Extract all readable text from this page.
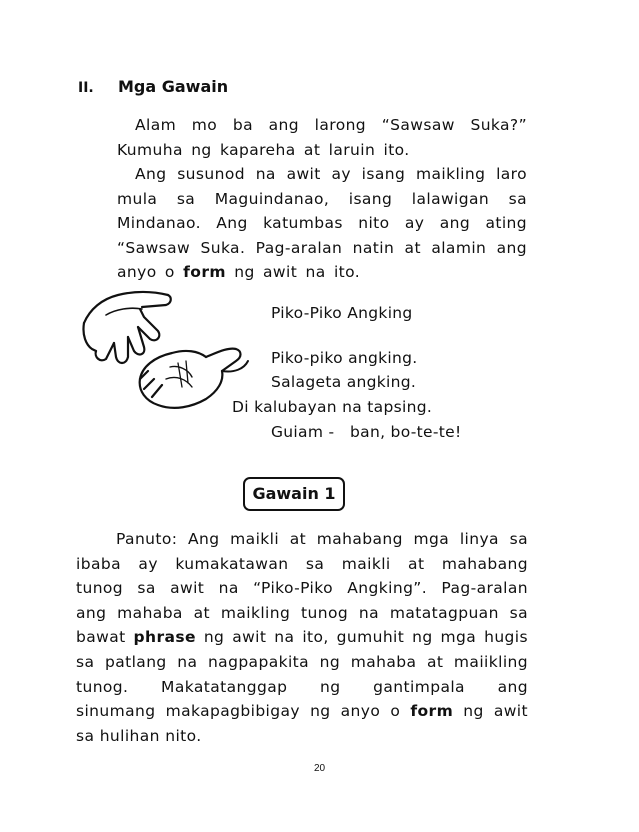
II. Mga Gawain
Alam mo ba ang larong “Sawsaw Suka?”
Kumuha ng kapareha at laruin ito.
Ang susunod na awit ay isang maikling laro
mula sa Maguindanao, isang lalawigan sa
Mindanao. Ang katumbas nito ay ang ating
“Sawsaw Suka. Pag-aralan natin at alamin ang
anyo o form ng awit na ito.
Piko-Piko Angking
Piko-piko angking.
Salageta angking.
Di kalubayan na tapsing.
Guiam -   ban, bo-te-te!
Gawain 1
Panuto: Ang maikli at mahabang mga linya sa
ibaba ay kumakatawan sa maikli at mahabang
tunog sa awit na “Piko-Piko Angking”. Pag-aralan
ang mahaba at maikling tunog na matatagpuan sa
bawat phrase ng awit na ito, gumuhit ng mga hugis
sa patlang na nagpapakita ng mahaba at maiikling
tunog.   Makatatanggap   ng   gantimpala   ang
sinumang makapagbibigay ng anyo o form ng awit
sa hulihan nito.
20
